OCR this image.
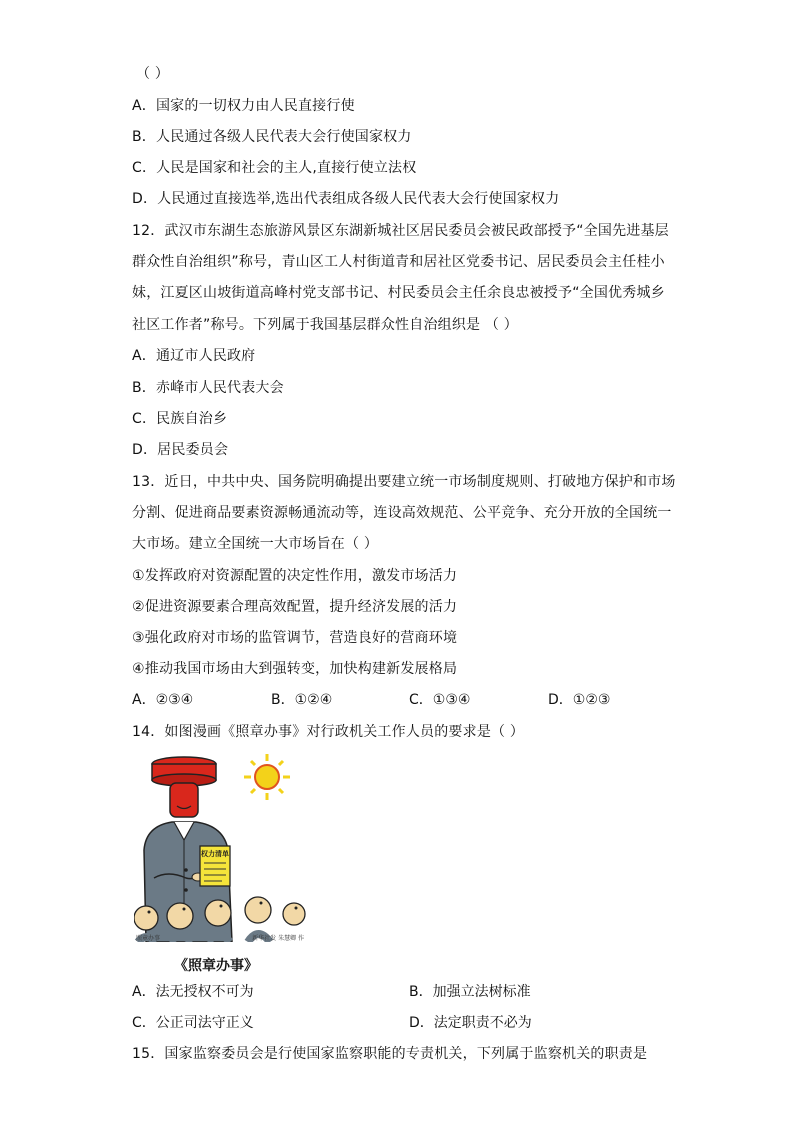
（ ）
A．国家的一切权力由人民直接行使
B．人民通过各级人民代表大会行使国家权力
C．人民是国家和社会的主人,直接行使立法权
D．人民通过直接选举,选出代表组成各级人民代表大会行使国家权力
12．武汉市东湖生态旅游风景区东湖新城社区居民委员会被民政部授予“全国先进基层
群众性自治组织”称号，青山区工人村街道青和居社区党委书记、居民委员会主任桂小
妹，江夏区山坡街道高峰村党支部书记、村民委员会主任余良忠被授予“全国优秀城乡
社区工作者”称号。下列属于我国基层群众性自治组织是 （ ）
A．通辽市人民政府
B．赤峰市人民代表大会
C．民族自治乡
D．居民委员会
13．近日，中共中央、国务院明确提出要建立统一市场制度规则、打破地方保护和市场
分割、促进商品要素资源畅通流动等，连设高效规范、公平竞争、充分开放的全国统一
大市场。建立全国统一大市场旨在（ ）
①发挥政府对资源配置的决定性作用，激发市场活力
②促进资源要素合理高效配置，提升经济发展的活力
③强化政府对市场的监管调节，营造良好的营商环境
④推动我国市场由大到强转变，加快构建新发展格局
A．②③④	B．①②④	C．①③④	D．①②③
14．如图漫画《照章办事》对行政机关工作人员的要求是（ ）
权力清单
照章办事	新华社发 朱慧卿 作
《照章办事》
A．法无授权不可为	B．加强立法树标准
C．公正司法守正义	D．法定职责不必为
15．国家监察委员会是行使国家监察职能的专责机关，下列属于监察机关的职责是
